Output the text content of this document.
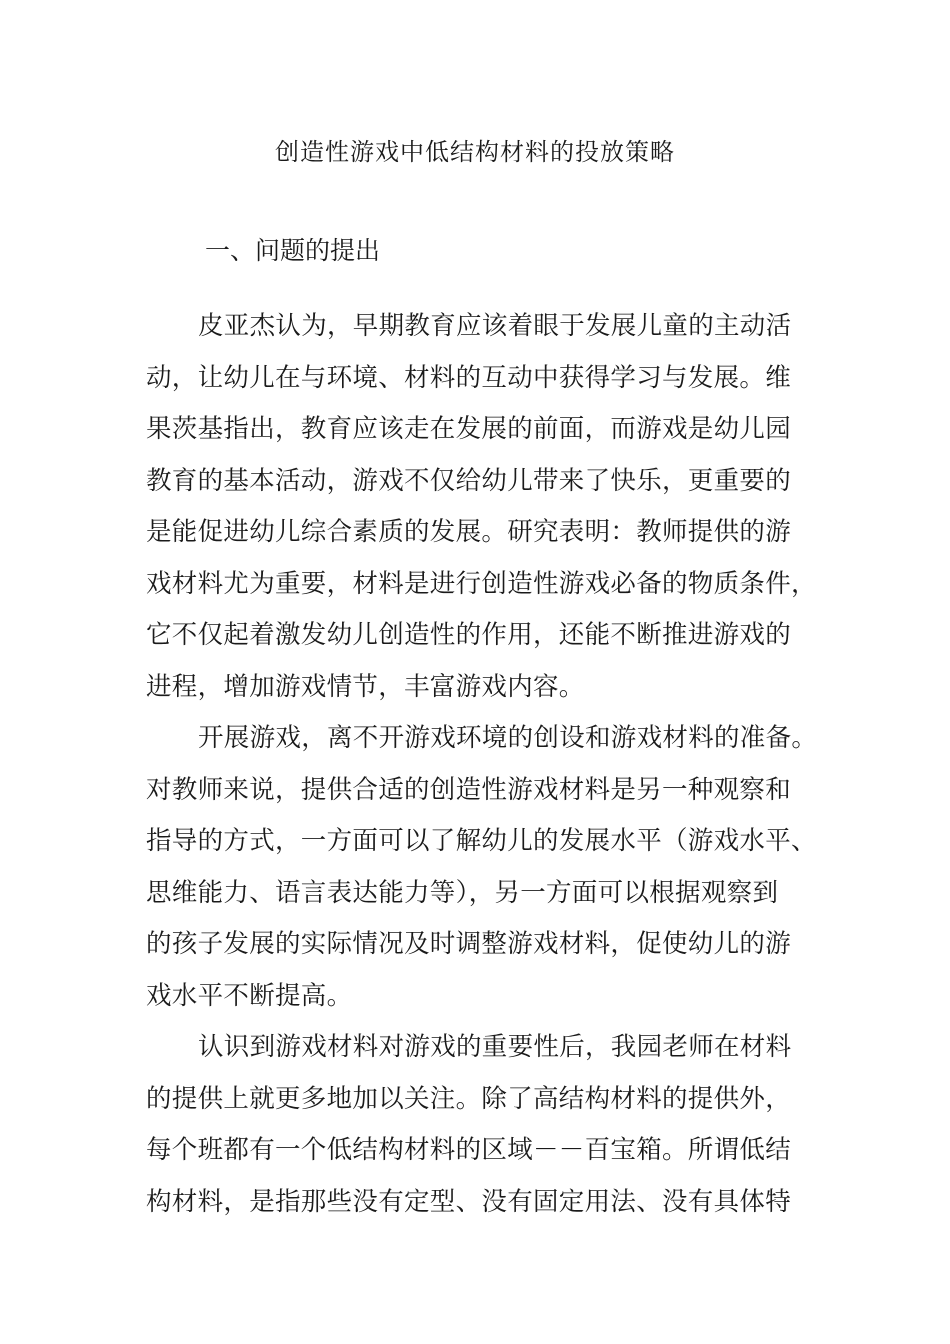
创造性游戏中低结构材料的投放策略
一、问题的提出
皮亚杰认为，早期教育应该着眼于发展儿童的主动活
动，让幼儿在与环境、材料的互动中获得学习与发展。维
果茨基指出，教育应该走在发展的前面，而游戏是幼儿园
教育的基本活动，游戏不仅给幼儿带来了快乐，更重要的
是能促进幼儿综合素质的发展。研究表明：教师提供的游
戏材料尤为重要，材料是进行创造性游戏必备的物质条件，
它不仅起着激发幼儿创造性的作用，还能不断推进游戏的
进程，增加游戏情节，丰富游戏内容。
开展游戏，离不开游戏环境的创设和游戏材料的准备。
对教师来说，提供合适的创造性游戏材料是另一种观察和
指导的方式，一方面可以了解幼儿的发展水平（游戏水平、
思维能力、语言表达能力等），另一方面可以根据观察到
的孩子发展的实际情况及时调整游戏材料，促使幼儿的游
戏水平不断提高。
认识到游戏材料对游戏的重要性后，我园老师在材料
的提供上就更多地加以关注。除了高结构材料的提供外，
每个班都有一个低结构材料的区域－－百宝箱。所谓低结
构材料，是指那些没有定型、没有固定用法、没有具体特
